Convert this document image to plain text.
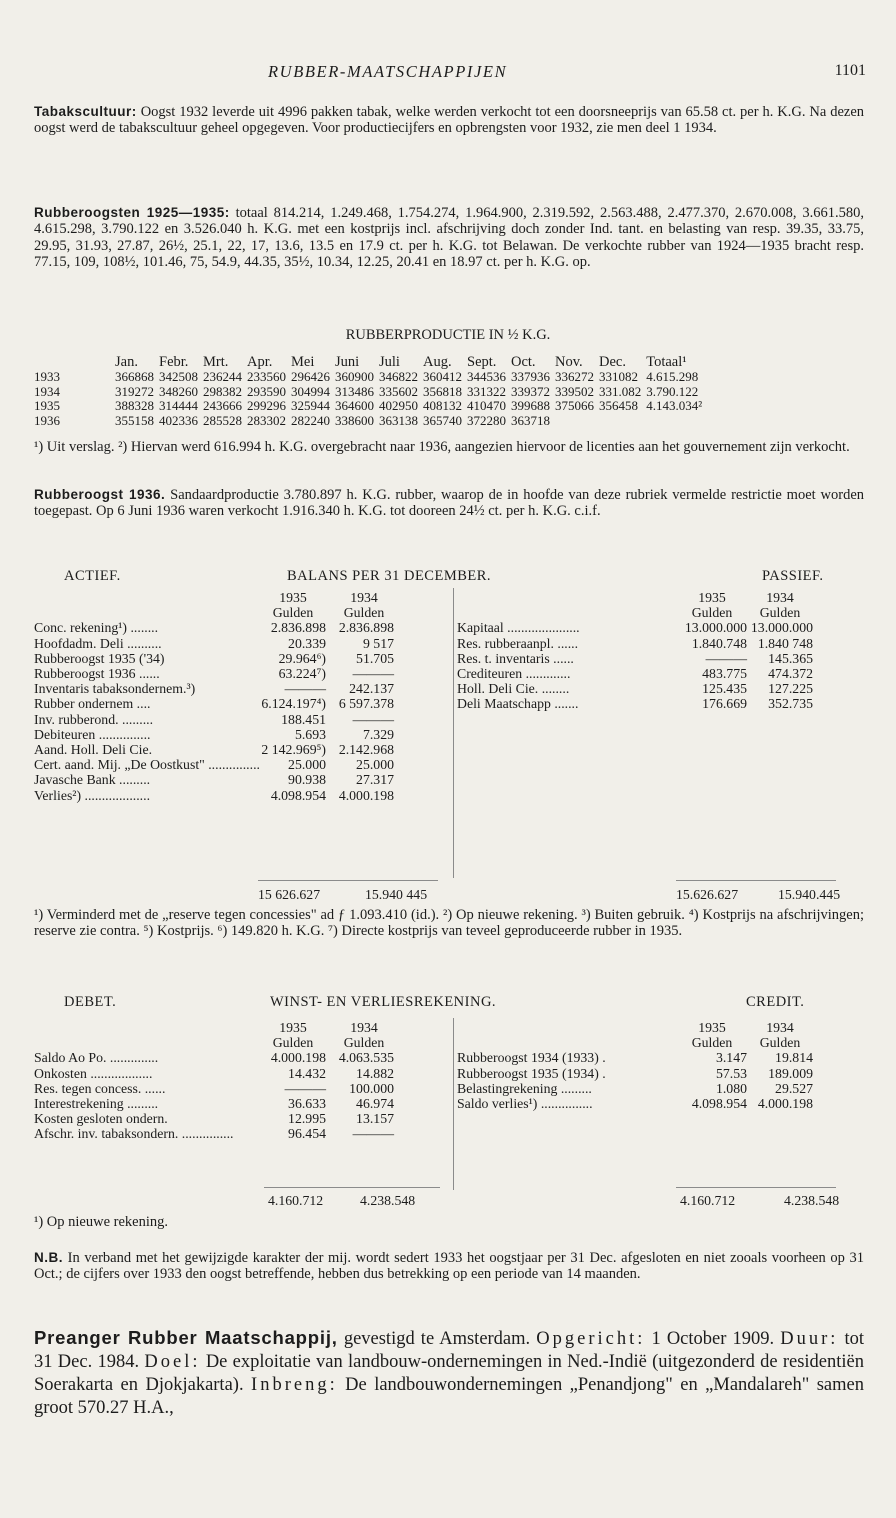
RUBBER-MAATSCHAPPIJEN	1101

Tabakscultuur: Oogst 1932 leverde uit 4996 pakken tabak, welke werden verkocht tot een doorsneeprijs van 65.58 ct. per h. K.G. Na dezen oogst werd de tabakscultuur geheel opgegeven. Voor productiecijfers en opbrengsten voor 1932, zie men deel 1 1934.

Rubberoogsten 1925—1935: totaal 814.214, 1.249.468, 1.754.274, 1.964.900, 2.319.592, 2.563.488, 2.477.370, 2.670.008, 3.661.580, 4.615.298, 3.790.122 en 3.526.040 h. K.G. met een kostprijs incl. afschrijving doch zonder Ind. tant. en belasting van resp. 39.35, 33.75, 29.95, 31.93, 27.87, 26½, 25.1, 22, 17, 13.6, 13.5 en 17.9 ct. per h. K.G. tot Belawan. De verkochte rubber van 1924—1935 bracht resp. 77.15, 109, 108½, 101.46, 75, 54.9, 44.35, 35½, 10.34, 12.25, 20.41 en 18.97 ct. per h. K.G. op.

RUBBERPRODUCTIE IN ½ K.G.
	Jan.	Febr.	Mrt.	Apr.	Mei	Juni	Juli	Aug.	Sept.	Oct.	Nov.	Dec.	Totaal¹
1933	366868	342508	236244	233560	296426	360900	346822	360412	344536	337936	336272	331082	4.615.298
1934	319272	348260	298382	293590	304994	313486	335602	356818	331322	339372	339502	331.082	3.790.122
1935	388328	314444	243666	299296	325944	364600	402950	408132	410470	399688	375066	356458	4.143.034²
1936	355158	402336	285528	283302	282240	338600	363138	365740	372280	363718			
¹) Uit verslag. ²) Hiervan werd 616.994 h. K.G. overgebracht naar 1936, aangezien hiervoor de licenties aan het gouvernement zijn verkocht.

Rubberoogst 1936. Sandaardproductie 3.780.897 h. K.G. rubber, waarop de in hoofde van deze rubriek vermelde restrictie moet worden toegepast. Op 6 Juni 1936 waren verkocht 1.916.340 h. K.G. tot dooreen 24½ ct. per h. K.G. c.i.f.

ACTIEF.	BALANS PER 31 DECEMBER.	PASSIEF.
	1935	1934
	Gulden	Gulden
Conc. rekening¹) ........	2.836.898	2.836.898
Hoofdadm. Deli ..........	20.339	9 517
Rubberoogst 1935 ('34)	29.964⁶)	51.705
Rubberoogst 1936 ......	63.224⁷)	———
Inventaris tabaksondernem.³)	———	242.137
Rubber ondernem ....	6.124.197⁴)	6 597.378
Inv. rubberond. .........	188.451	———
Debiteuren ...............	5.693	7.329
Aand. Holl. Deli Cie.	2 142.969⁵)	2.142.968
Cert. aand. Mij. „De Oostkust" ...............	25.000	25.000
Javasche Bank .........	90.938	27.317
Verlies²) ...................	4.098.954	4.000.198
	1935	1934
	Gulden	Gulden
Kapitaal .....................	13.000.000	13.000.000
Res. rubberaanpl. ......	1.840.748	1.840 748
Res. t. inventaris ......	———	145.365
Crediteuren .............	483.775	474.372
Holl. Deli Cie. ........	125.435	127.225
Deli Maatschapp .......	176.669	352.735
15 626.627	15.940 445	15.626.627	15.940.445
¹) Verminderd met de „reserve tegen concessies" ad ƒ 1.093.410 (id.). ²) Op nieuwe rekening. ³) Buiten gebruik. ⁴) Kostprijs na afschrijvingen; reserve zie contra. ⁵) Kostprijs. ⁶) 149.820 h. K.G. ⁷) Directe kostprijs van teveel geproduceerde rubber in 1935.
DEBET.	WINST- EN VERLIESREKENING.	CREDIT.
	1935	1934
	Gulden	Gulden
Saldo Ao Po. ..............	4.000.198	4.063.535
Onkosten ..................	14.432	14.882
Res. tegen concess. ......	———	100.000
Interestrekening .........	36.633	46.974
Kosten gesloten ondern.	12.995	13.157
Afschr. inv. tabaksondern. ...............	96.454	———
	1935	1934
	Gulden	Gulden
Rubberoogst 1934 (1933) .	3.147	19.814
Rubberoogst 1935 (1934) .	57.53	189.009
Belastingrekening .........	1.080	29.527
Saldo verlies¹) ...............	4.098.954	4.000.198
4.160.712	4.238.548	4.160.712	4.238.548
¹) Op nieuwe rekening.

N.B. In verband met het gewijzigde karakter der mij. wordt sedert 1933 het oogstjaar per 31 Dec. afgesloten en niet zooals voorheen op 31 Oct.; de cijfers over 1933 den oogst betreffende, hebben dus betrekking op een periode van 14 maanden.

Preanger Rubber Maatschappij, gevestigd te Amsterdam. Opgericht: 1 October 1909. Duur: tot 31 Dec. 1984. Doel: De exploitatie van landbouw-ondernemingen in Ned.-Indië (uitgezonderd de residentiën Soerakarta en Djokjakarta). Inbreng: De landbouwondernemingen „Penandjong" en „Mandalareh" samen groot 570.27 H.A.,
